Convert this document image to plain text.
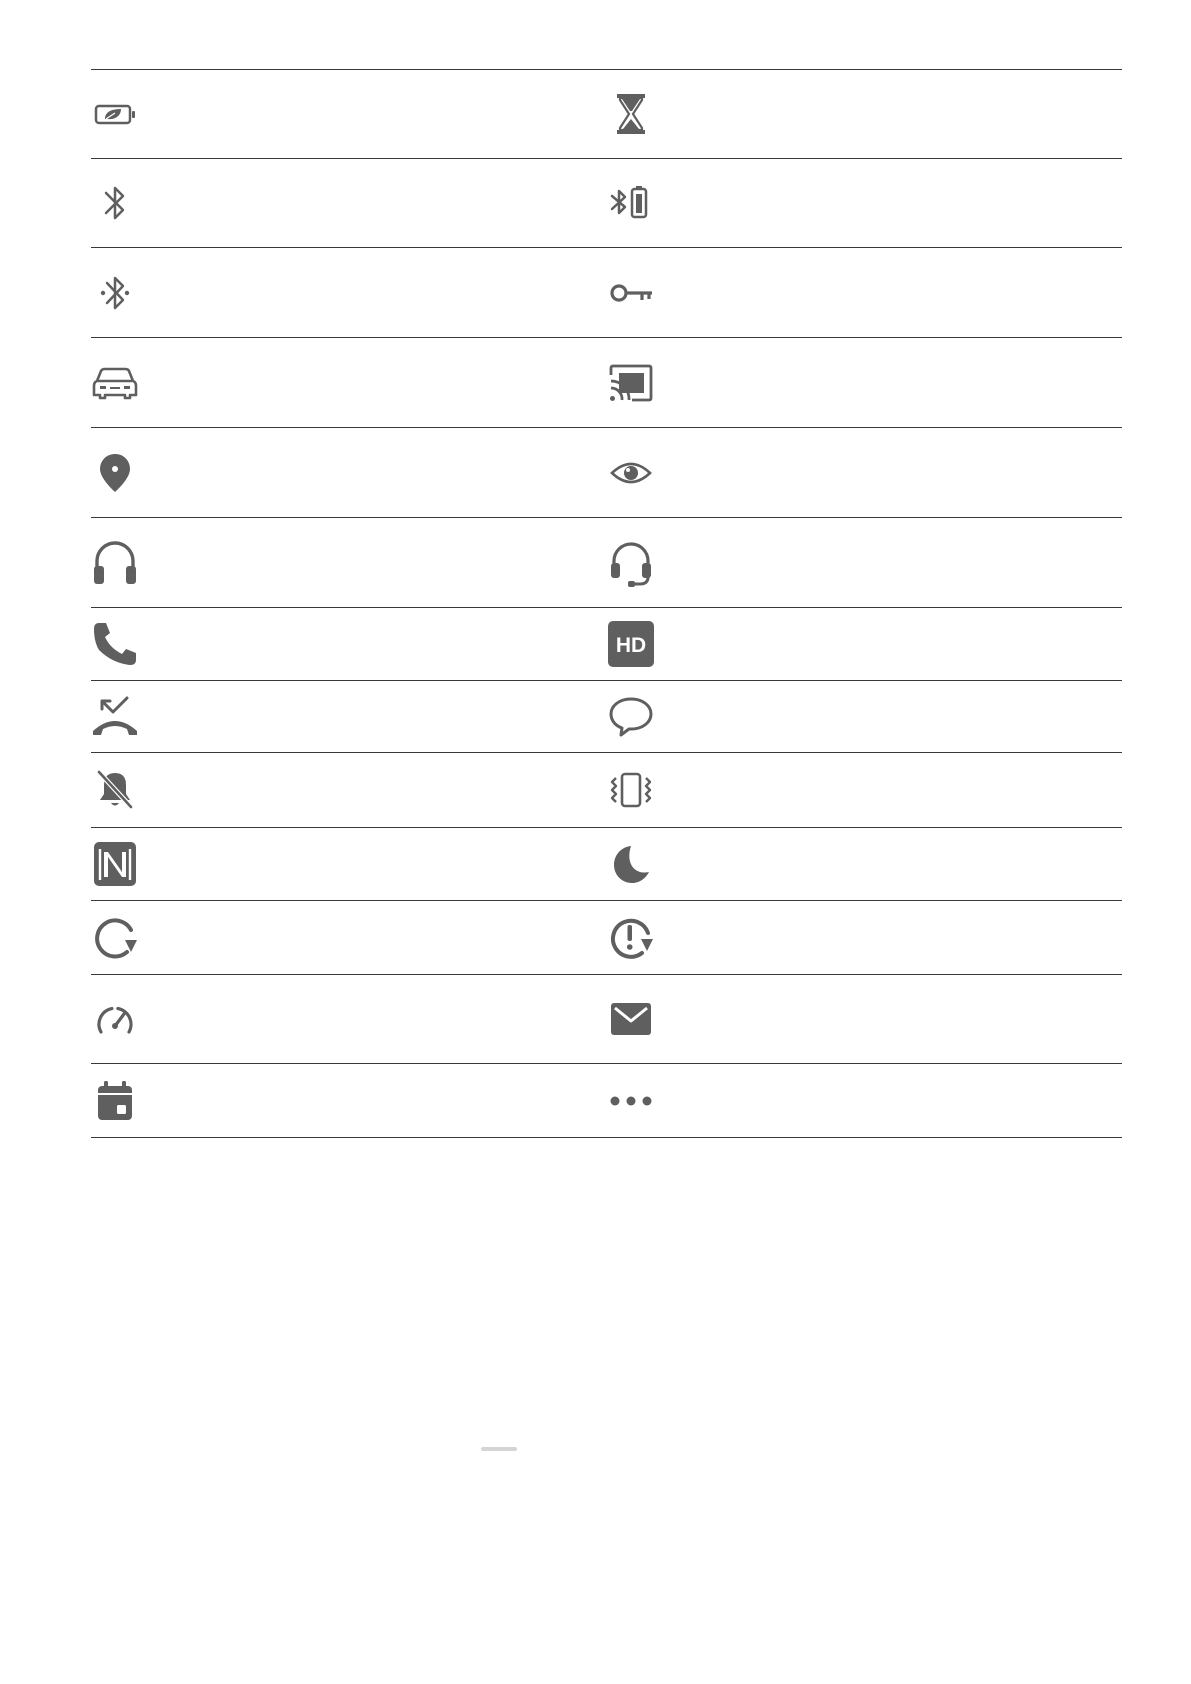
HD
